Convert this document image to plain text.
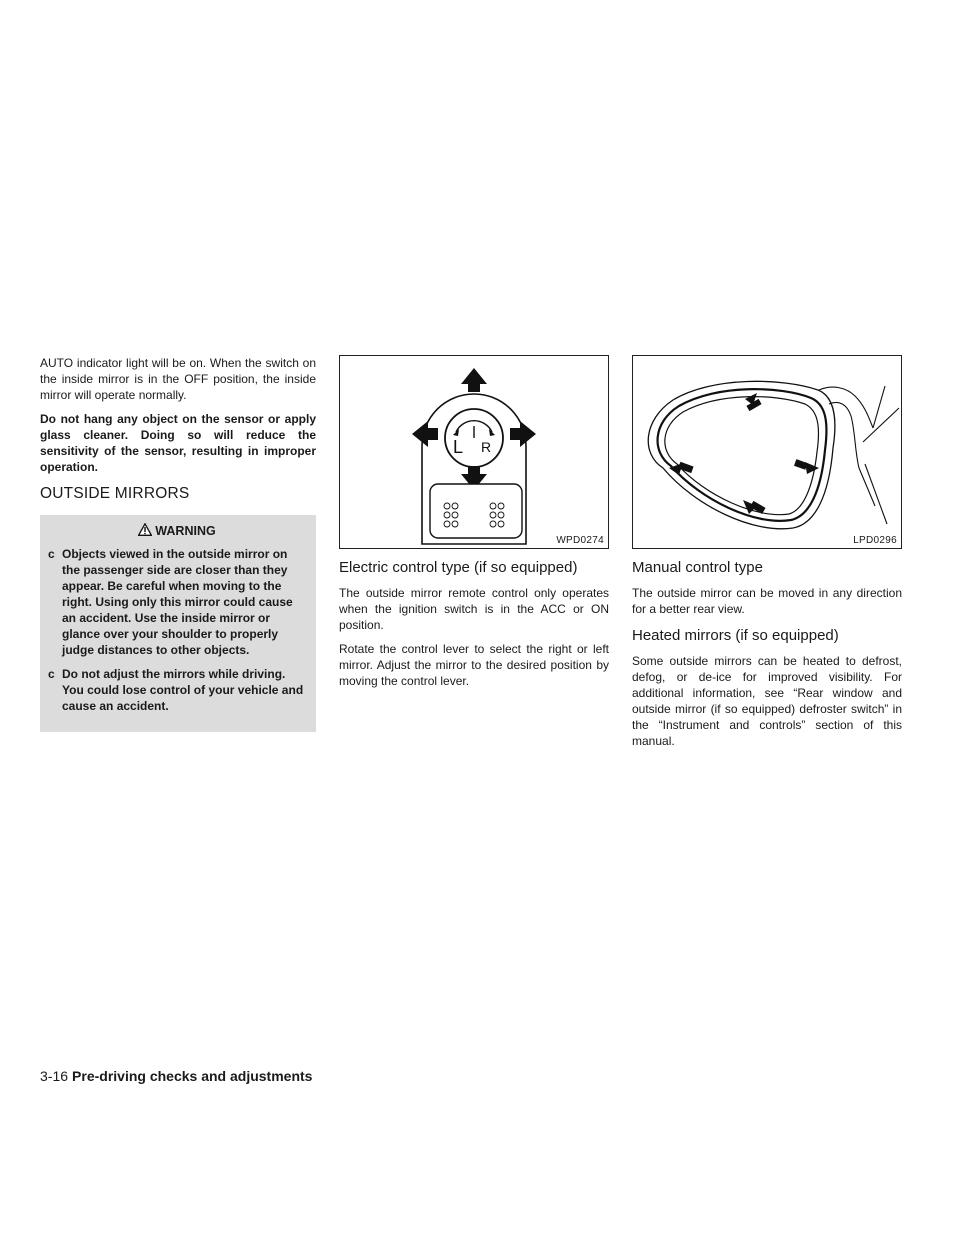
AUTO indicator light will be on. When the switch on the inside mirror is in the OFF position, the inside mirror will operate normally.

Do not hang any object on the sensor or apply glass cleaner. Doing so will reduce the sensitivity of the sensor, resulting in improper operation.

OUTSIDE MIRRORS
WARNING
c Objects viewed in the outside mirror on the passenger side are closer than they appear. Be careful when moving to the right. Using only this mirror could cause an accident. Use the inside mirror or glance over your shoulder to properly judge distances to other objects.
c Do not adjust the mirrors while driving. You could lose control of your vehicle and cause an accident.
L R
WPD0274
Electric control type (if so equipped)

The outside mirror remote control only operates when the ignition switch is in the ACC or ON position.

Rotate the control lever to select the right or left mirror. Adjust the mirror to the desired position by moving the control lever.

LPD0296
Manual control type

The outside mirror can be moved in any direction for a better rear view.

Heated mirrors (if so equipped)

Some outside mirrors can be heated to defrost, defog, or de-ice for improved visibility. For additional information, see “Rear window and outside mirror (if so equipped) defroster switch” in the “Instrument and controls” section of this manual.

3-16 Pre-driving checks and adjustments
